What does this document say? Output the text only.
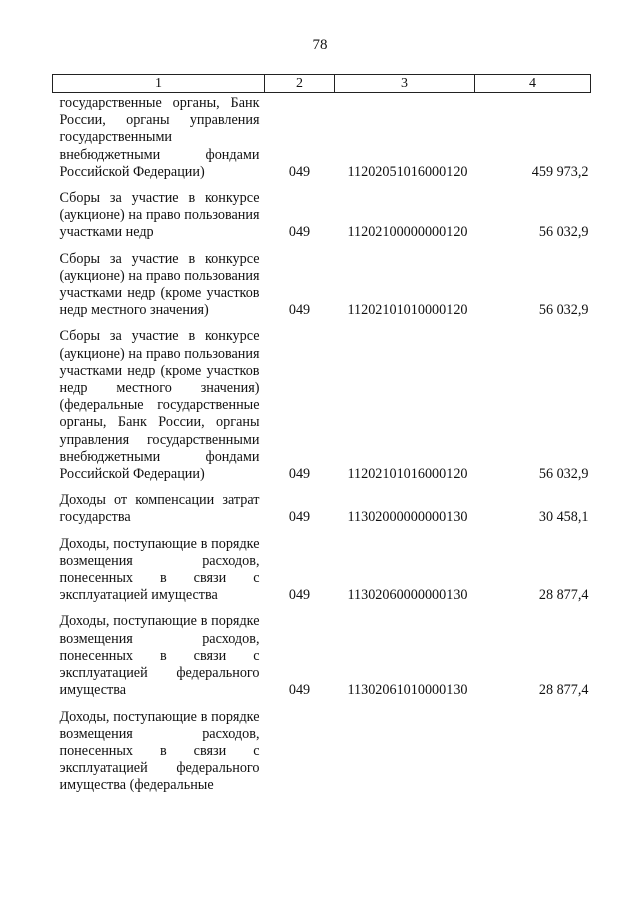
78
1	2	3	4
государственные органы, Банк России, органы управления государственными внебюджетными фондами Российской Федерации)	049	11202051016000120	459 973,2
Сборы за участие в конкурсе (аукционе) на право пользования участками недр	049	11202100000000120	56 032,9
Сборы за участие в конкурсе (аукционе) на право пользования участками недр (кроме участков недр местного значения)	049	11202101010000120	56 032,9
Сборы за участие в конкурсе (аукционе) на право пользования участками недр (кроме участков недр местного значения) (федеральные государственные органы, Банк России, органы управления государственными внебюджетными фондами Российской Федерации)	049	11202101016000120	56 032,9
Доходы от компенсации затрат государства	049	11302000000000130	30 458,1
Доходы, поступающие в порядке возмещения расходов, понесенных в связи с эксплуатацией имущества	049	11302060000000130	28 877,4
Доходы, поступающие в порядке возмещения расходов, понесенных в связи с эксплуатацией федерального имущества	049	11302061010000130	28 877,4
Доходы, поступающие в порядке возмещения расходов, понесенных в связи с эксплуатацией федерального имущества (федеральные			
